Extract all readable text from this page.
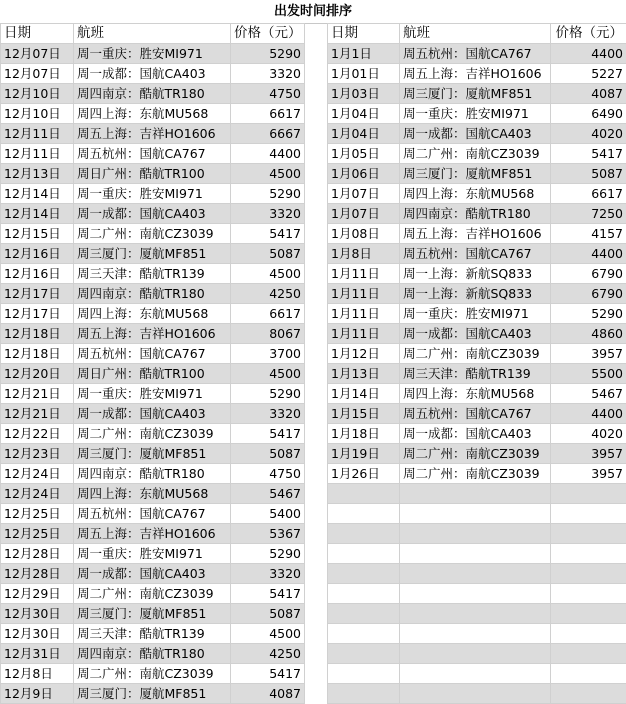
出发时间排序
日期	航班	价格（元）
12月07日	周一重庆：胜安MI971	5290
12月07日	周一成都：国航CA403	3320
12月10日	周四南京：酷航TR180	4750
12月10日	周四上海：东航MU568	6617
12月11日	周五上海：吉祥HO1606	6667
12月11日	周五杭州：国航CA767	4400
12月13日	周日广州：酷航TR100	4500
12月14日	周一重庆：胜安MI971	5290
12月14日	周一成都：国航CA403	3320
12月15日	周二广州：南航CZ3039	5417
12月16日	周三厦门：厦航MF851	5087
12月16日	周三天津：酷航TR139	4500
12月17日	周四南京：酷航TR180	4250
12月17日	周四上海：东航MU568	6617
12月18日	周五上海：吉祥HO1606	8067
12月18日	周五杭州：国航CA767	3700
12月20日	周日广州：酷航TR100	4500
12月21日	周一重庆：胜安MI971	5290
12月21日	周一成都：国航CA403	3320
12月22日	周二广州：南航CZ3039	5417
12月23日	周三厦门：厦航MF851	5087
12月24日	周四南京：酷航TR180	4750
12月24日	周四上海：东航MU568	5467
12月25日	周五杭州：国航CA767	5400
12月25日	周五上海：吉祥HO1606	5367
12月28日	周一重庆：胜安MI971	5290
12月28日	周一成都：国航CA403	3320
12月29日	周二广州：南航CZ3039	5417
12月30日	周三厦门：厦航MF851	5087
12月30日	周三天津：酷航TR139	4500
12月31日	周四南京：酷航TR180	4250
12月8日	周二广州：南航CZ3039	5417
12月9日	周三厦门：厦航MF851	4087
日期	航班	价格（元）
1月1日	周五杭州：国航CA767	4400
1月01日	周五上海：吉祥HO1606	5227
1月03日	周三厦门：厦航MF851	4087
1月04日	周一重庆：胜安MI971	6490
1月04日	周一成都：国航CA403	4020
1月05日	周二广州：南航CZ3039	5417
1月06日	周三厦门：厦航MF851	5087
1月07日	周四上海：东航MU568	6617
1月07日	周四南京：酷航TR180	7250
1月08日	周五上海：吉祥HO1606	4157
1月8日	周五杭州：国航CA767	4400
1月11日	周一上海：新航SQ833	6790
1月11日	周一上海：新航SQ833	6790
1月11日	周一重庆：胜安MI971	5290
1月11日	周一成都：国航CA403	4860
1月12日	周二广州：南航CZ3039	3957
1月13日	周三天津：酷航TR139	5500
1月14日	周四上海：东航MU568	5467
1月15日	周五杭州：国航CA767	4400
1月18日	周一成都：国航CA403	4020
1月19日	周二广州：南航CZ3039	3957
1月26日	周二广州：南航CZ3039	3957
